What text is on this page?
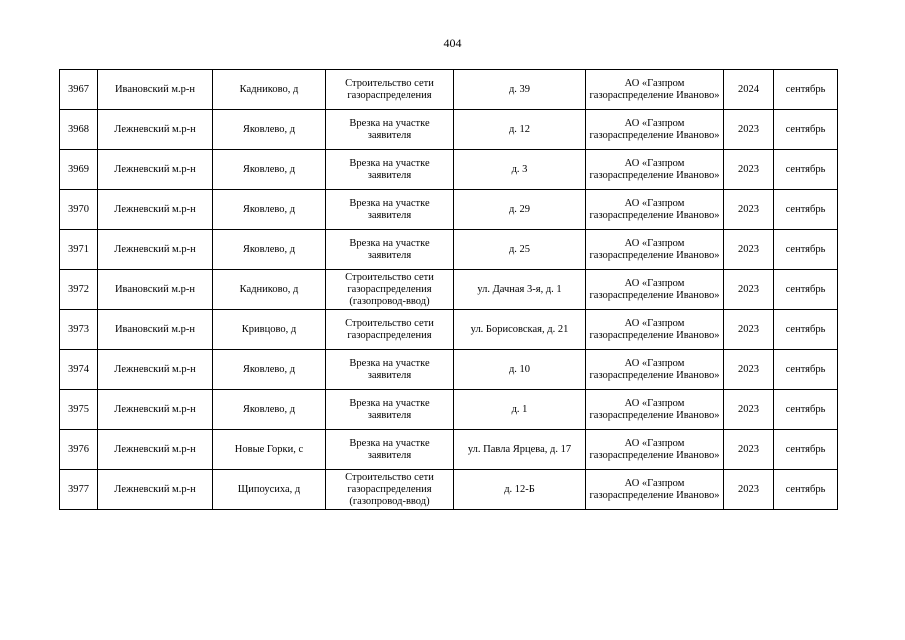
404
3967	Ивановский м.р-н	Кадниково, д	Строительство сети газораспределения	д. 39	АО «Газпром газораспределение Иваново»	2024	сентябрь
3968	Лежневский м.р-н	Яковлево, д	Врезка на участке заявителя	д. 12	АО «Газпром газораспределение Иваново»	2023	сентябрь
3969	Лежневский м.р-н	Яковлево, д	Врезка на участке заявителя	д. 3	АО «Газпром газораспределение Иваново»	2023	сентябрь
3970	Лежневский м.р-н	Яковлево, д	Врезка на участке заявителя	д. 29	АО «Газпром газораспределение Иваново»	2023	сентябрь
3971	Лежневский м.р-н	Яковлево, д	Врезка на участке заявителя	д. 25	АО «Газпром газораспределение Иваново»	2023	сентябрь
3972	Ивановский м.р-н	Кадниково, д	Строительство сети газораспределения (газопровод-ввод)	ул. Дачная 3-я, д. 1	АО «Газпром газораспределение Иваново»	2023	сентябрь
3973	Ивановский м.р-н	Кривцово, д	Строительство сети газораспределения	ул. Борисовская, д. 21	АО «Газпром газораспределение Иваново»	2023	сентябрь
3974	Лежневский м.р-н	Яковлево, д	Врезка на участке заявителя	д. 10	АО «Газпром газораспределение Иваново»	2023	сентябрь
3975	Лежневский м.р-н	Яковлево, д	Врезка на участке заявителя	д. 1	АО «Газпром газораспределение Иваново»	2023	сентябрь
3976	Лежневский м.р-н	Новые Горки, с	Врезка на участке заявителя	ул. Павла Ярцева, д. 17	АО «Газпром газораспределение Иваново»	2023	сентябрь
3977	Лежневский м.р-н	Щипоусиха, д	Строительство сети газораспределения (газопровод-ввод)	д. 12-Б	АО «Газпром газораспределение Иваново»	2023	сентябрь
